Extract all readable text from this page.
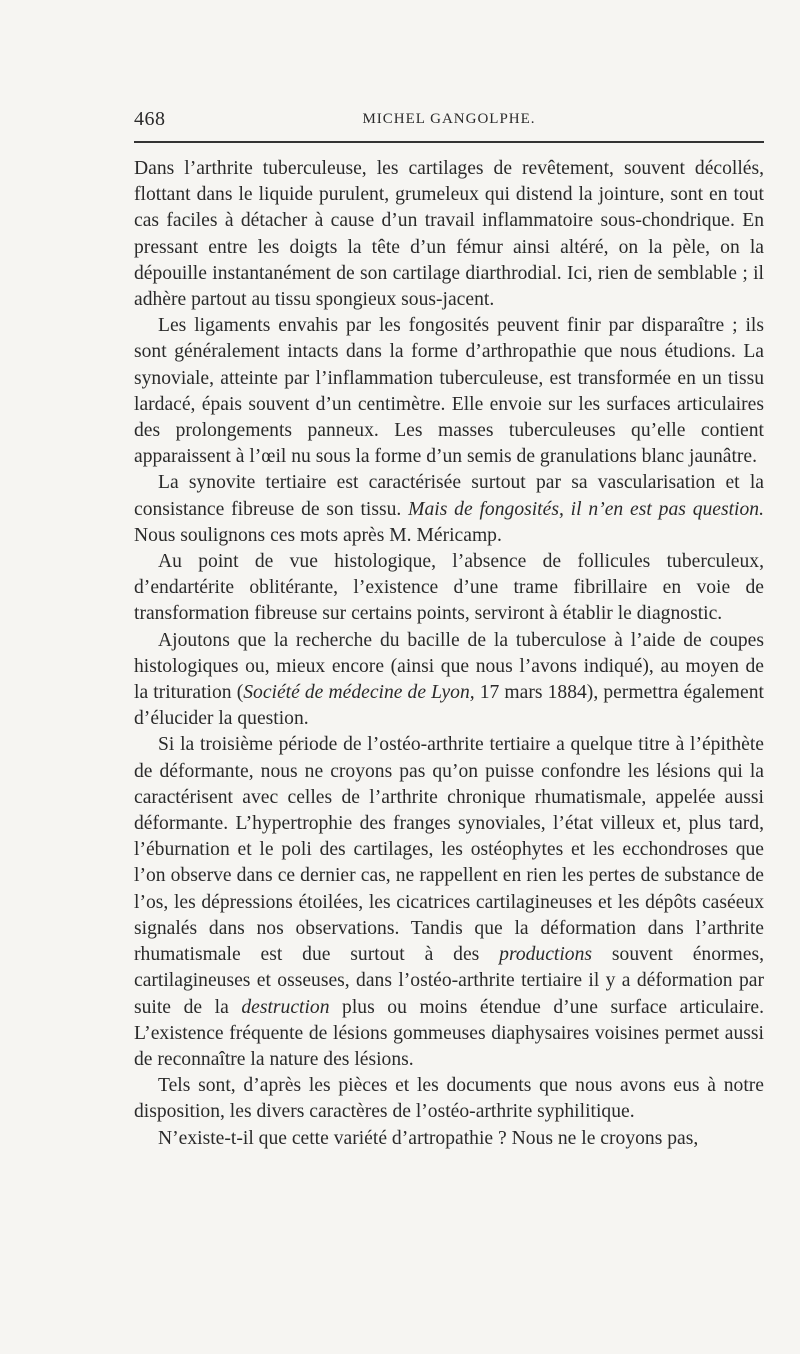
468	MICHEL GANGOLPHE.

Dans l’arthrite tuberculeuse, les cartilages de revêtement, souvent décollés, flottant dans le liquide purulent, grumeleux qui distend la jointure, sont en tout cas faciles à détacher à cause d’un travail inflammatoire sous-chondrique. En pressant entre les doigts la tête d’un fémur ainsi altéré, on la pèle, on la dépouille instantanément de son cartilage diarthrodial. Ici, rien de semblable ; il adhère partout au tissu spongieux sous-jacent.

Les ligaments envahis par les fongosités peuvent finir par disparaître ; ils sont généralement intacts dans la forme d’arthropathie que nous étudions. La synoviale, atteinte par l’inflammation tuberculeuse, est transformée en un tissu lardacé, épais souvent d’un centimètre. Elle envoie sur les surfaces articulaires des prolongements panneux. Les masses tuberculeuses qu’elle contient apparaissent à l’œil nu sous la forme d’un semis de granulations blanc jaunâtre.

La synovite tertiaire est caractérisée surtout par sa vascularisation et la consistance fibreuse de son tissu. Mais de fongosités, il n’en est pas question. Nous soulignons ces mots après M. Méricamp.

Au point de vue histologique, l’absence de follicules tuberculeux, d’endartérite oblitérante, l’existence d’une trame fibrillaire en voie de transformation fibreuse sur certains points, serviront à établir le diagnostic.

Ajoutons que la recherche du bacille de la tuberculose à l’aide de coupes histologiques ou, mieux encore (ainsi que nous l’avons indiqué), au moyen de la trituration (Société de médecine de Lyon, 17 mars 1884), permettra également d’élucider la question.

Si la troisième période de l’ostéo-arthrite tertiaire a quelque titre à l’épithète de déformante, nous ne croyons pas qu’on puisse confondre les lésions qui la caractérisent avec celles de l’arthrite chronique rhumatismale, appelée aussi déformante. L’hypertrophie des franges synoviales, l’état villeux et, plus tard, l’éburnation et le poli des cartilages, les ostéophytes et les ecchondroses que l’on observe dans ce dernier cas, ne rappellent en rien les pertes de substance de l’os, les dépressions étoilées, les cicatrices cartilagineuses et les dépôts caséeux signalés dans nos observations. Tandis que la déformation dans l’arthrite rhumatismale est due surtout à des productions souvent énormes, cartilagineuses et osseuses, dans l’ostéo-arthrite tertiaire il y a déformation par suite de la destruction plus ou moins étendue d’une surface articulaire. L’existence fréquente de lésions gommeuses diaphysaires voisines permet aussi de reconnaître la nature des lésions.

Tels sont, d’après les pièces et les documents que nous avons eus à notre disposition, les divers caractères de l’ostéo-arthrite syphilitique.

N’existe-t-il que cette variété d’artropathie ? Nous ne le croyons pas,
